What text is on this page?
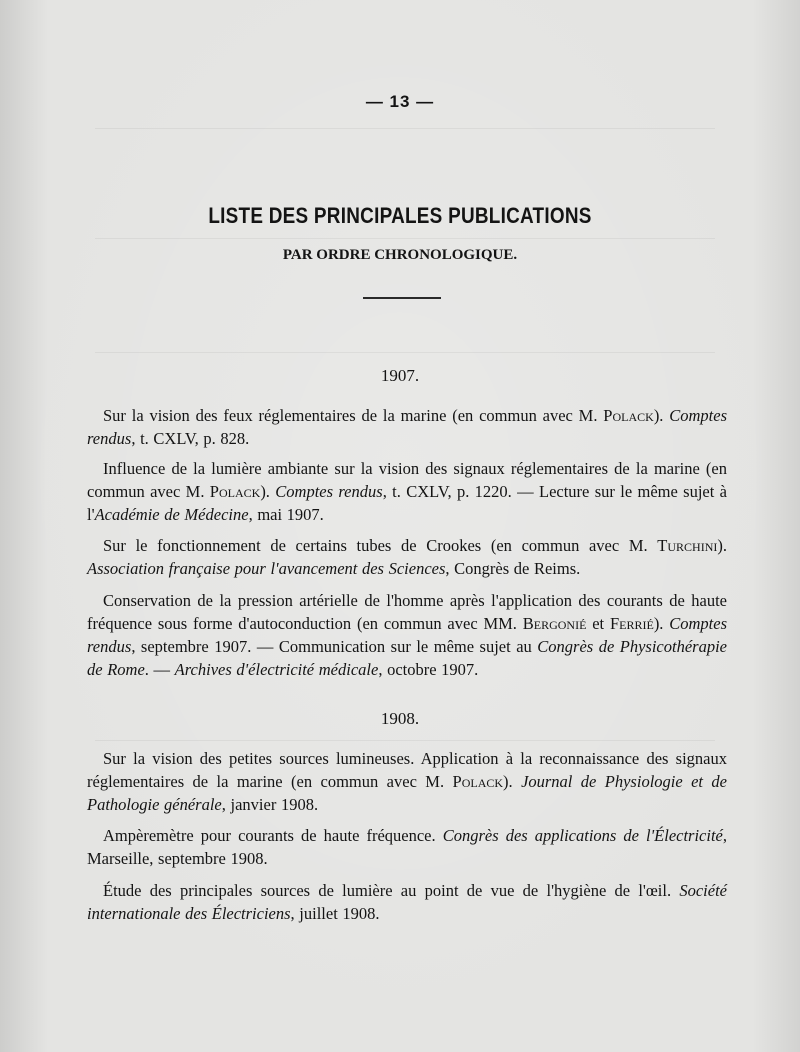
— 13 —
LISTE DES PRINCIPALES PUBLICATIONS
PAR ORDRE CHRONOLOGIQUE.
1907.
Sur la vision des feux réglementaires de la marine (en commun avec M. Polack). Comptes rendus, t. CXLV, p. 828.
Influence de la lumière ambiante sur la vision des signaux réglementaires de la marine (en commun avec M. Polack). Comptes rendus, t. CXLV, p. 1220. — Lecture sur le même sujet à l'Académie de Médecine, mai 1907.
Sur le fonctionnement de certains tubes de Crookes (en commun avec M. Turchini). Association française pour l'avancement des Sciences, Congrès de Reims.
Conservation de la pression artérielle de l'homme après l'application des courants de haute fréquence sous forme d'autoconduction (en commun avec MM. Bergonié et Ferrié). Comptes rendus, septembre 1907. — Communication sur le même sujet au Congrès de Physicothérapie de Rome. — Archives d'électricité médicale, octobre 1907.
1908.
Sur la vision des petites sources lumineuses. Application à la reconnaissance des signaux réglementaires de la marine (en commun avec M. Polack). Journal de Physiologie et de Pathologie générale, janvier 1908.
Ampèremètre pour courants de haute fréquence. Congrès des applications de l'Électricité, Marseille, septembre 1908.
Étude des principales sources de lumière au point de vue de l'hygiène de l'œil. Société internationale des Électriciens, juillet 1908.
